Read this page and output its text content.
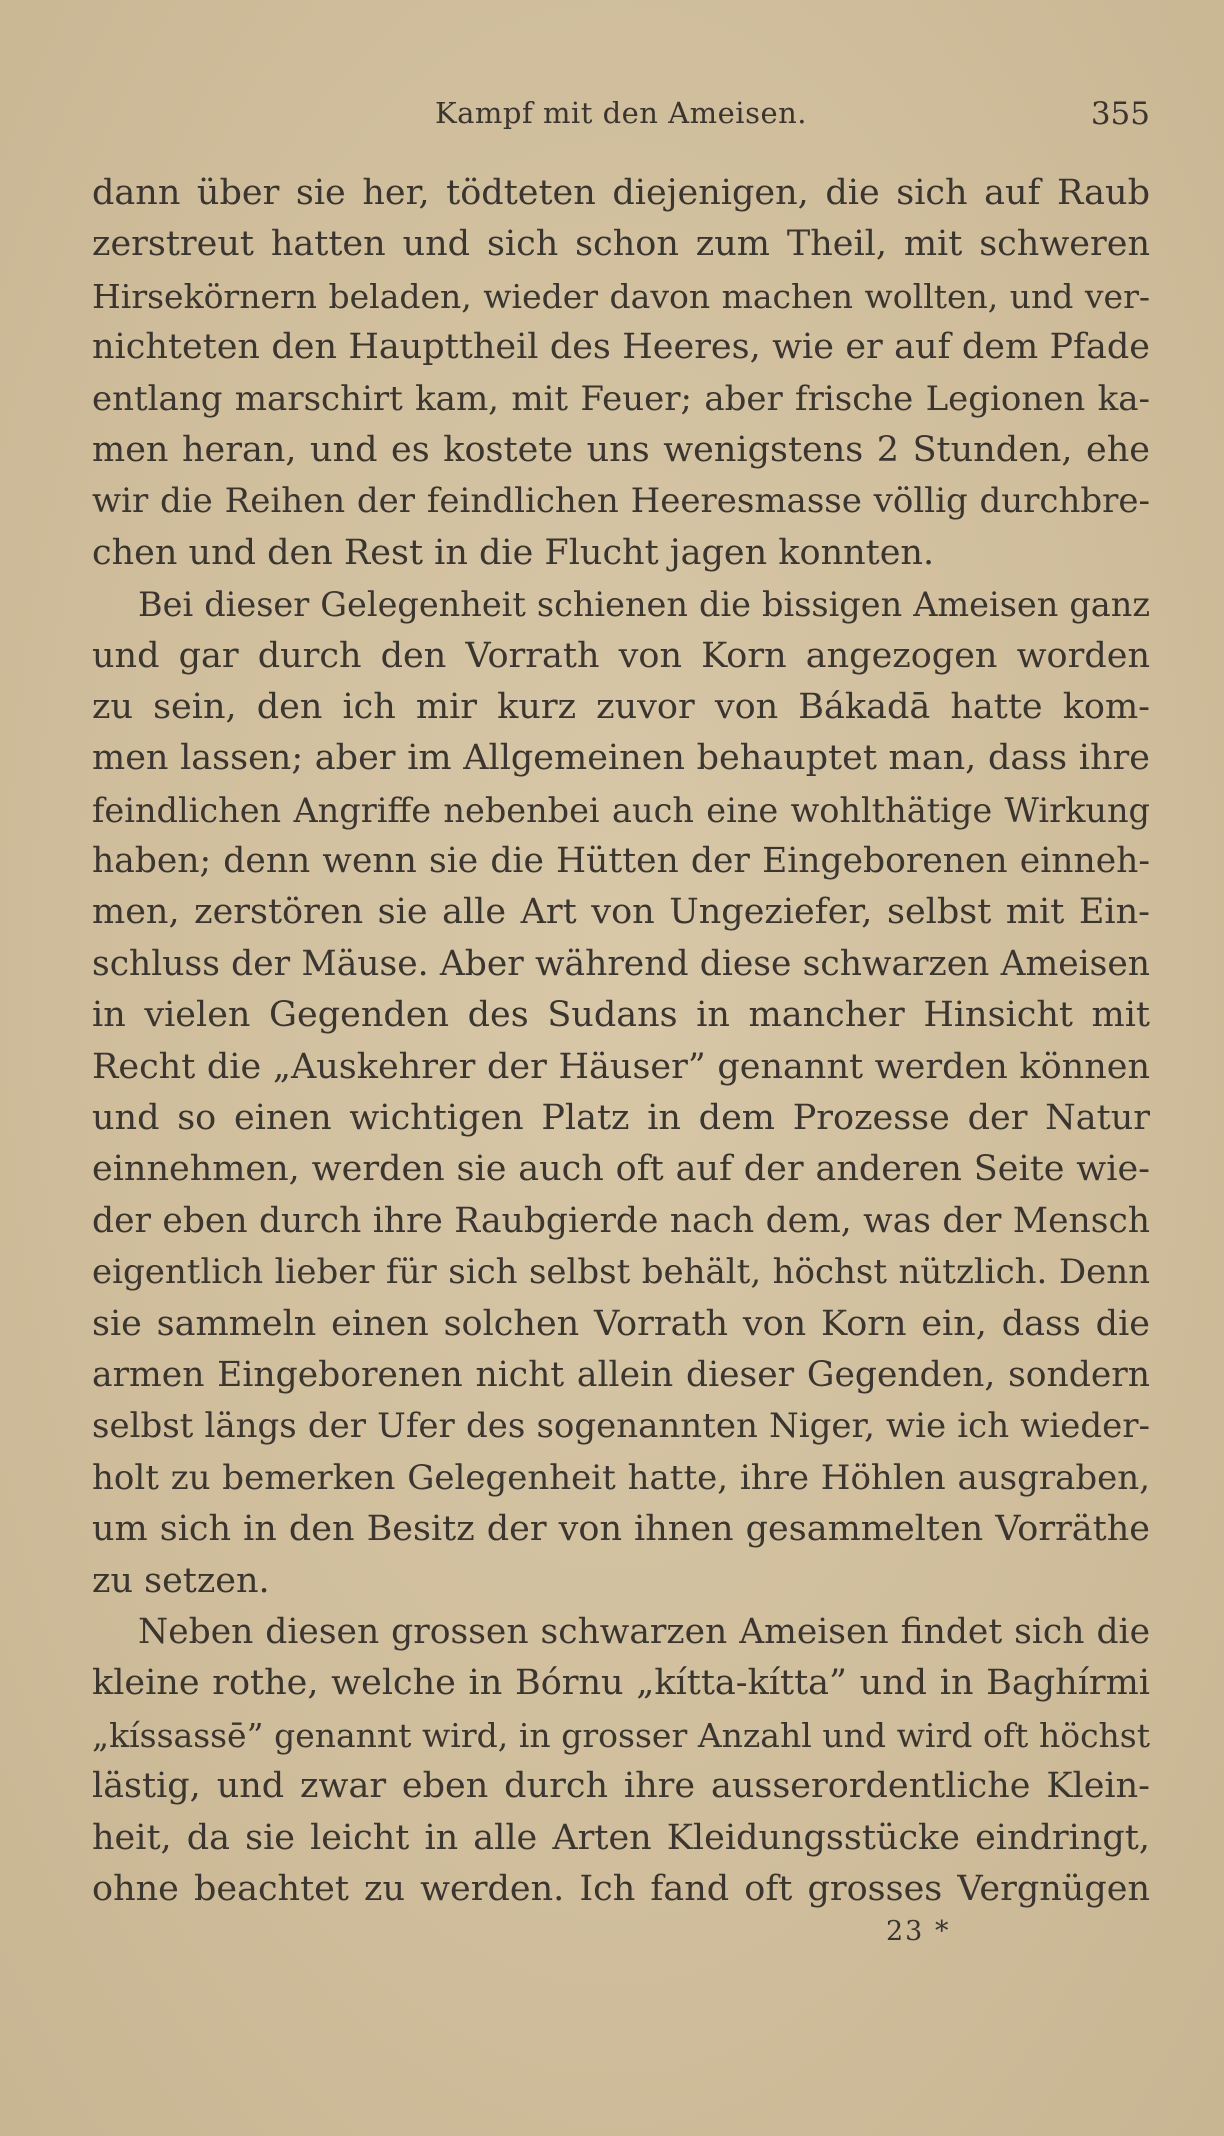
Kampf mit den Ameisen.	355
dann über sie her, tödteten diejenigen, die sich auf Raub
zerstreut hatten und sich schon zum Theil, mit schweren
Hirsekörnern beladen, wieder davon machen wollten, und ver-
nichteten den Haupttheil des Heeres, wie er auf dem Pfade
entlang marschirt kam, mit Feuer; aber frische Legionen ka-
men heran, und es kostete uns wenigstens 2 Stunden, ehe
wir die Reihen der feindlichen Heeresmasse völlig durchbre-
chen und den Rest in die Flucht jagen konnten.
Bei dieser Gelegenheit schienen die bissigen Ameisen ganz
und gar durch den Vorrath von Korn angezogen worden
zu sein, den ich mir kurz zuvor von Bákadā hatte kom-
men lassen; aber im Allgemeinen behauptet man, dass ihre
feindlichen Angriffe nebenbei auch eine wohlthätige Wirkung
haben; denn wenn sie die Hütten der Eingeborenen einneh-
men, zerstören sie alle Art von Ungeziefer, selbst mit Ein-
schluss der Mäuse. Aber während diese schwarzen Ameisen
in vielen Gegenden des Sudans in mancher Hinsicht mit
Recht die „Auskehrer der Häuser” genannt werden können
und so einen wichtigen Platz in dem Prozesse der Natur
einnehmen, werden sie auch oft auf der anderen Seite wie-
der eben durch ihre Raubgierde nach dem, was der Mensch
eigentlich lieber für sich selbst behält, höchst nützlich. Denn
sie sammeln einen solchen Vorrath von Korn ein, dass die
armen Eingeborenen nicht allein dieser Gegenden, sondern
selbst längs der Ufer des sogenannten Niger, wie ich wieder-
holt zu bemerken Gelegenheit hatte, ihre Höhlen ausgraben,
um sich in den Besitz der von ihnen gesammelten Vorräthe
zu setzen.
Neben diesen grossen schwarzen Ameisen findet sich die
kleine rothe, welche in Bórnu „kítta-kítta” und in Baghírmi
„kíssassē” genannt wird, in grosser Anzahl und wird oft höchst
lästig, und zwar eben durch ihre ausserordentliche Klein-
heit, da sie leicht in alle Arten Kleidungsstücke eindringt,
ohne beachtet zu werden. Ich fand oft grosses Vergnügen
23 *
